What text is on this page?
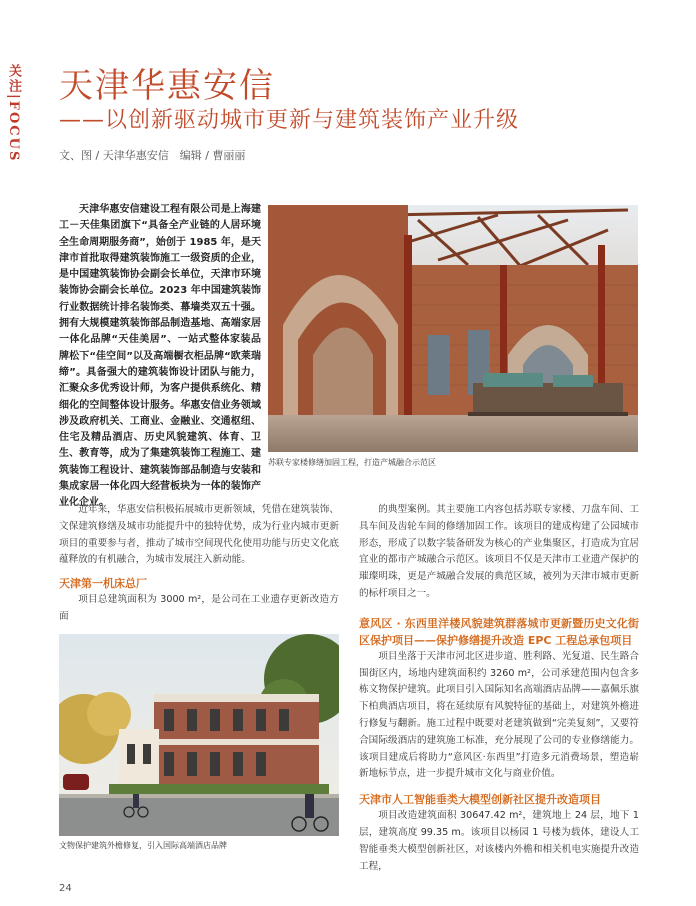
关注|FOCUS 天津华惠安信
——以创新驱动城市更新与建筑装饰产业升级
文、图 / 天津华惠安信　编辑 / 曹丽丽
天津华惠安信建设工程有限公司是上海建工－天佳集团旗下“具备全产业链的人居环境全生命周期服务商”，始创于 1985 年，是天津市首批取得建筑装饰施工一级资质的企业，是中国建筑装饰协会副会长单位，天津市环境装饰协会副会长单位。2023 年中国建筑装饰行业数据统计排名装饰类、幕墙类双五十强。拥有大规模建筑装饰部品制造基地、高端家居一体化品牌“天佳美居”、一站式整体家装品牌松下“佳空间”以及高端橱衣柜品牌“欧莱瑞缔”。具备强大的建筑装饰设计团队与能力，汇聚众多优秀设计师，为客户提供系统化、精细化的空间整体设计服务。华惠安信业务领域涉及政府机关、工商业、金融业、交通枢纽、住宅及精品酒店、历史风貌建筑、体育、卫生、教育等，成为了集建筑装饰工程施工、建筑装饰工程设计、建筑装饰部品制造与安装和集成家居一体化四大经营板块为一体的装饰产业化企业。
苏联专家楼修缮加固工程，打造产城融合示范区

近年来，华惠安信积极拓展城市更新领域，凭借在建筑装饰、文保建筑修缮及城市功能提升中的独特优势，成为行业内城市更新项目的重要参与者，推动了城市空间现代化使用功能与历史文化底蕴释放的有机融合，为城市发展注入新动能。

天津第一机床总厂

项目总建筑面积为 3000 m²，是公司在工业遗存更新改造方面

文物保护建筑外檐修复，引入国际高端酒店品牌

的典型案例。其主要施工内容包括苏联专家楼、刀盘车间、工具车间及齿轮车间的修缮加固工作。该项目的建成构建了公园城市形态，形成了以数字装备研发为核心的产业集聚区，打造成为宜居宜业的都市产城融合示范区。该项目不仅是天津市工业遗产保护的璀璨明珠，更是产城融合发展的典范区域，被列为天津市城市更新的标杆项目之一。

意风区 · 东西里洋楼风貌建筑群落城市更新暨历史文化街区保护项目——保护修缮提升改造 EPC 工程总承包项目

项目坐落于天津市河北区进步道、胜利路、光复道、民生路合围街区内，场地内建筑面积约 3260 m²，公司承建范围内包含多栋文物保护建筑。此项目引入国际知名高端酒店品牌——嘉佩乐旗下柏典酒店项目，将在延续原有风貌特征的基础上，对建筑外檐进行修复与翻新。施工过程中既要对老建筑做到“完美复刻”，又要符合国际级酒店的建筑施工标准，充分展现了公司的专业修缮能力。该项目建成后将助力“意风区·东西里”打造多元消费场景，塑造崭新地标节点，进一步提升城市文化与商业价值。

天津市人工智能垂类大模型创新社区提升改造项目

项目改造建筑面积 30647.42 m²，建筑地上 24 层，地下 1 层，建筑高度 99.35 m。该项目以杨园 1 号楼为载体，建设人工智能垂类大模型创新社区，对该楼内外檐和相关机电实施提升改造工程，

24
